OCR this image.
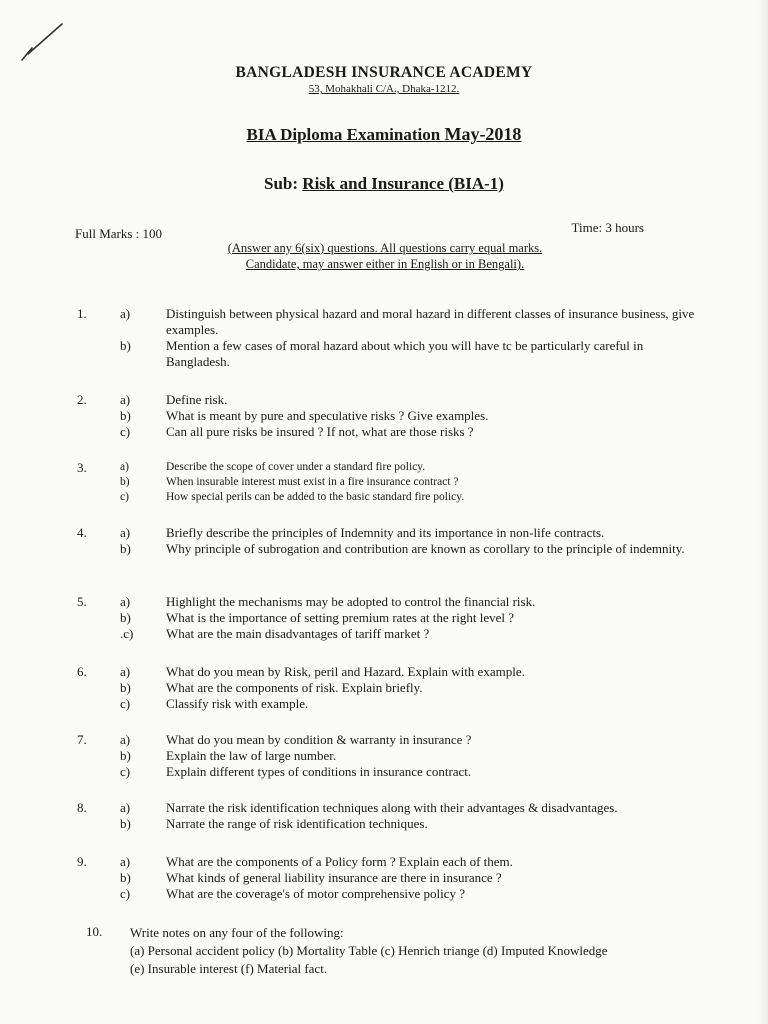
BANGLADESH INSURANCE ACADEMY
53, Mohakhali C/A., Dhaka-1212.
BIA Diploma Examination May-2018
Sub: Risk and Insurance (BIA-1)
Full Marks : 100	Time: 3 hours
(Answer any 6(six) questions. All questions carry equal marks.
Candidate, may answer either in English or in Bengali).
1.	a)	Distinguish between physical hazard and moral hazard in different classes of insurance business, give examples.
b)	Mention a few cases of moral hazard about which you will have tc be particularly careful in Bangladesh.
2.	a)	Define risk.
b)	What is meant by pure and speculative risks ? Give examples.
c)	Can all pure risks be insured ? If not, what are those risks ?
3.	a)	Describe the scope of cover under a standard fire policy.
b)	When insurable interest must exist in a fire insurance contract ?
c)	How special perils can be added to the basic standard fire policy.
4.	a)	Briefly describe the principles of Indemnity and its importance in non-life contracts.
b)	Why principle of subrogation and contribution are known as corollary to the principle of indemnity.
5.	a)	Highlight the mechanisms may be adopted to control the financial risk.
b)	What is the importance of setting premium rates at the right level ?
.c)	What are the main disadvantages of tariff market ?
6.	a)	What do you mean by Risk, peril and Hazard. Explain with example.
b)	What are the components of risk. Explain briefly.
c)	Classify risk with example.
7.	a)	What do you mean by condition & warranty in insurance ?
b)	Explain the law of large number.
c)	Explain different types of conditions in insurance contract.
8.	a)	Narrate the risk identification techniques along with their advantages & disadvantages.
b)	Narrate the range of risk identification techniques.
9.	a)	What are the components of a Policy form ? Explain each of them.
b)	What kinds of general liability insurance are there in insurance ?
c)	What are the coverage's of motor comprehensive policy ?
10. Write notes on any four of the following:
(a) Personal accident policy (b) Mortality Table (c) Henrich triange (d) Imputed Knowledge
(e) Insurable interest (f) Material fact.
